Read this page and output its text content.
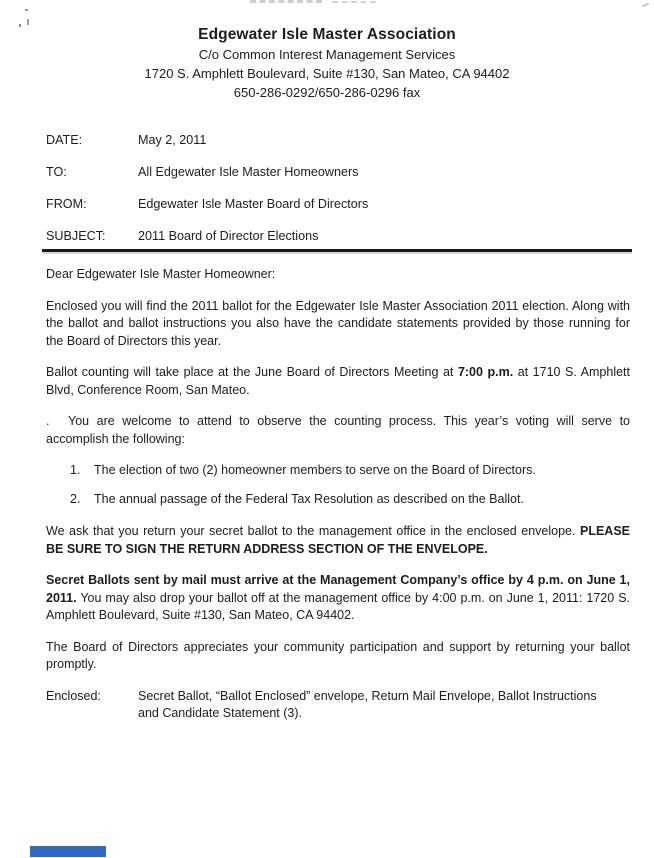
Edgewater Isle Master Association
C/o Common Interest Management Services
1720 S. Amphlett Boulevard, Suite #130, San Mateo, CA 94402
650-286-0292/650-286-0296 fax
DATE:	May 2, 2011
TO:	All Edgewater Isle Master Homeowners
FROM:	Edgewater Isle Master Board of Directors
SUBJECT:	2011 Board of Director Elections

Dear Edgewater Isle Master Homeowner:

Enclosed you will find the 2011 ballot for the Edgewater Isle Master Association 2011 election. Along with the ballot and ballot instructions you also have the candidate statements provided by those running for the Board of Directors this year.

Ballot counting will take place at the June Board of Directors Meeting at 7:00 p.m. at 1710 S. Amphlett Blvd, Conference Room, San Mateo.

. You are welcome to attend to observe the counting process. This year’s voting will serve to accomplish the following:

1.	The election of two (2) homeowner members to serve on the Board of Directors.
2.	The annual passage of the Federal Tax Resolution as described on the Ballot.

We ask that you return your secret ballot to the management office in the enclosed envelope. PLEASE BE SURE TO SIGN THE RETURN ADDRESS SECTION OF THE ENVELOPE.

Secret Ballots sent by mail must arrive at the Management Company’s office by 4 p.m. on June 1, 2011. You may also drop your ballot off at the management office by 4:00 p.m. on June 1, 2011: 1720 S. Amphlett Boulevard, Suite #130, San Mateo, CA 94402.

The Board of Directors appreciates your community participation and support by returning your ballot promptly.

Enclosed:	Secret Ballot, “Ballot Enclosed” envelope, Return Mail Envelope, Ballot Instructions and Candidate Statement (3).
